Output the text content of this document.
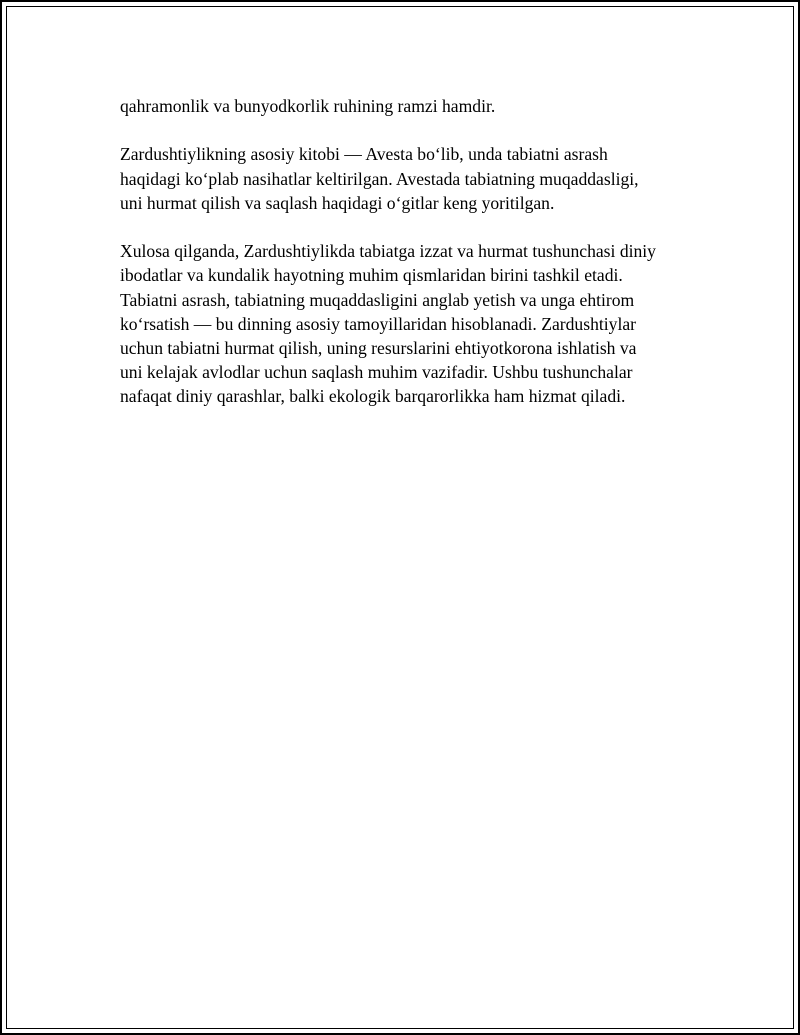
qahramonlik va bunyodkorlik ruhining ramzi hamdir.

Zardushtiylikning asosiy kitobi — Avesta bo‘lib, unda tabiatni asrash
haqidagi ko‘plab nasihatlar keltirilgan. Avestada tabiatning muqaddasligi,
uni hurmat qilish va saqlash haqidagi o‘gitlar keng yoritilgan.

Xulosa qilganda, Zardushtiylikda tabiatga izzat va hurmat tushunchasi diniy
ibodatlar va kundalik hayotning muhim qismlaridan birini tashkil etadi.
Tabiatni asrash, tabiatning muqaddasligini anglab yetish va unga ehtirom
ko‘rsatish — bu dinning asosiy tamoyillaridan hisoblanadi. Zardushtiylar
uchun tabiatni hurmat qilish, uning resurslarini ehtiyotkorona ishlatish va
uni kelajak avlodlar uchun saqlash muhim vazifadir. Ushbu tushunchalar
nafaqat diniy qarashlar, balki ekologik barqarorlikka ham hizmat qiladi.
